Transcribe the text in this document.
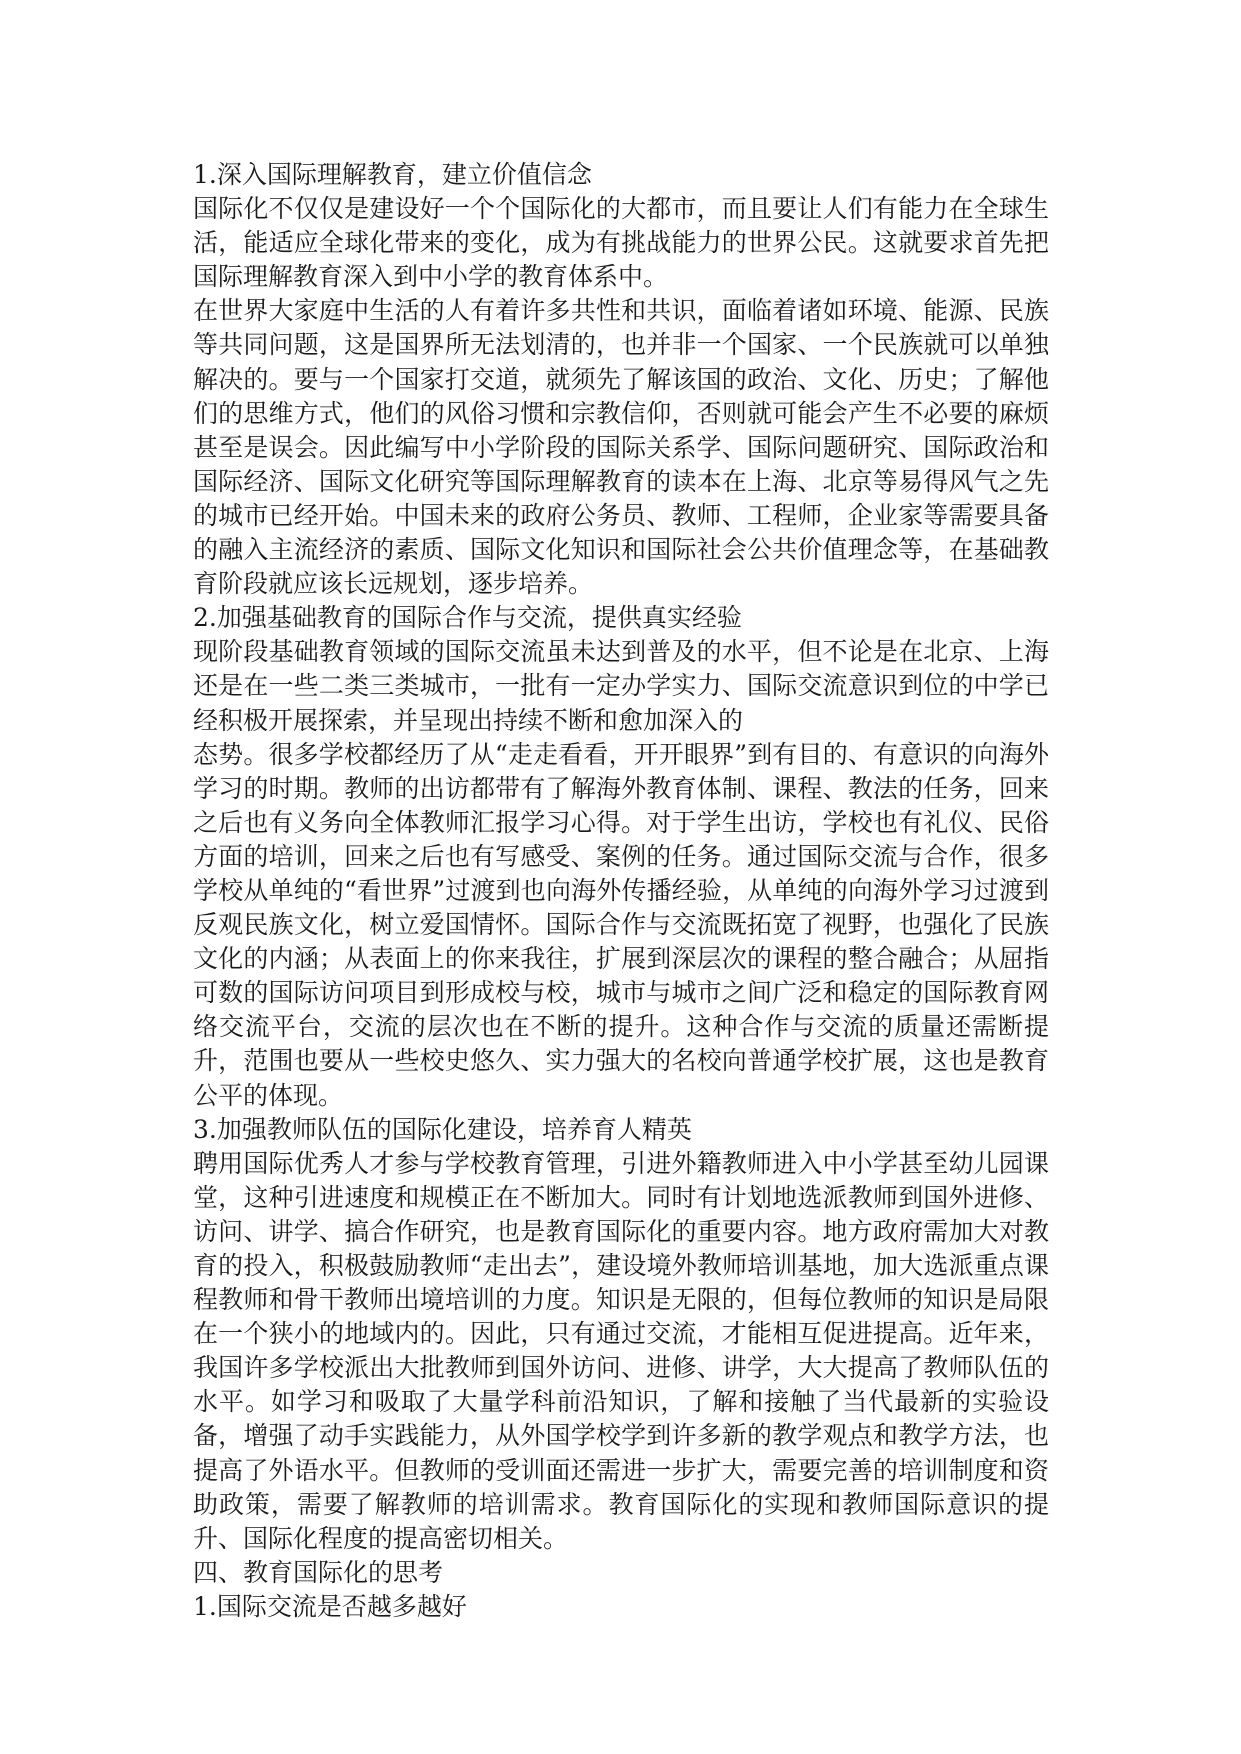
1.深入国际理解教育，建立价值信念

国际化不仅仅是建设好一个个国际化的大都市，而且要让人们有能力在全球生活，能适应全球化带来的变化，成为有挑战能力的世界公民。这就要求首先把国际理解教育深入到中小学的教育体系中。

在世界大家庭中生活的人有着许多共性和共识，面临着诸如环境、能源、民族等共同问题，这是国界所无法划清的，也并非一个国家、一个民族就可以单独解决的。要与一个国家打交道，就须先了解该国的政治、文化、历史；了解他们的思维方式，他们的风俗习惯和宗教信仰，否则就可能会产生不必要的麻烦甚至是误会。因此编写中小学阶段的国际关系学、国际问题研究、国际政治和国际经济、国际文化研究等国际理解教育的读本在上海、北京等易得风气之先的城市已经开始。中国未来的政府公务员、教师、工程师，企业家等需要具备的融入主流经济的素质、国际文化知识和国际社会公共价值理念等，在基础教育阶段就应该长远规划，逐步培养。

2.加强基础教育的国际合作与交流，提供真实经验

现阶段基础教育领域的国际交流虽未达到普及的水平，但不论是在北京、上海还是在一些二类三类城市，一批有一定办学实力、国际交流意识到位的中学已经积极开展探索，并呈现出持续不断和愈加深入的

态势。很多学校都经历了从“走走看看，开开眼界”到有目的、有意识的向海外学习的时期。教师的出访都带有了解海外教育体制、课程、教法的任务，回来之后也有义务向全体教师汇报学习心得。对于学生出访，学校也有礼仪、民俗方面的培训，回来之后也有写感受、案例的任务。通过国际交流与合作，很多学校从单纯的“看世界”过渡到也向海外传播经验，从单纯的向海外学习过渡到反观民族文化，树立爱国情怀。国际合作与交流既拓宽了视野，也强化了民族文化的内涵；从表面上的你来我往，扩展到深层次的课程的整合融合；从屈指可数的国际访问项目到形成校与校，城市与城市之间广泛和稳定的国际教育网络交流平台，交流的层次也在不断的提升。这种合作与交流的质量还需断提升，范围也要从一些校史悠久、实力强大的名校向普通学校扩展，这也是教育公平的体现。

3.加强教师队伍的国际化建设，培养育人精英

聘用国际优秀人才参与学校教育管理，引进外籍教师进入中小学甚至幼儿园课堂，这种引进速度和规模正在不断加大。同时有计划地选派教师到国外进修、访问、讲学、搞合作研究，也是教育国际化的重要内容。地方政府需加大对教育的投入，积极鼓励教师“走出去”，建设境外教师培训基地，加大选派重点课程教师和骨干教师出境培训的力度。知识是无限的，但每位教师的知识是局限在一个狭小的地域内的。因此，只有通过交流，才能相互促进提高。近年来，我国许多学校派出大批教师到国外访问、进修、讲学，大大提高了教师队伍的水平。如学习和吸取了大量学科前沿知识，了解和接触了当代最新的实验设备，增强了动手实践能力，从外国学校学到许多新的教学观点和教学方法，也提高了外语水平。但教师的受训面还需进一步扩大，需要完善的培训制度和资助政策，需要了解教师的培训需求。教育国际化的实现和教师国际意识的提升、国际化程度的提高密切相关。

四、教育国际化的思考

1.国际交流是否越多越好
